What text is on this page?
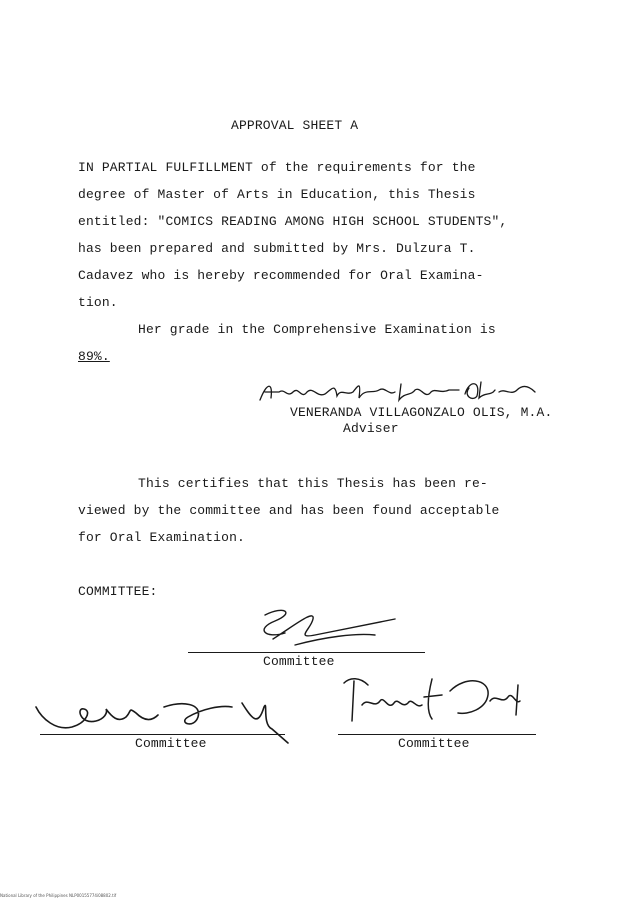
APPROVAL SHEET A
IN PARTIAL FULFILLMENT of the requirements for the
degree of Master of Arts in Education, this Thesis
entitled: "COMICS READING AMONG HIGH SCHOOL STUDENTS",
has been prepared and submitted by Mrs. Dulzura T.
Cadavez who is hereby recommended for Oral Examina-
tion.
Her grade in the Comprehensive Examination is
89%.
VENERANDA VILLAGONZALO OLIS, M.A.
Adviser
This certifies that this Thesis has been re-
viewed by the committee and has been found acceptable
for Oral Examination.
COMMITTEE:
Committee
Committee	Committee
National Library of the Philippines NLP00155774i08802.tif
